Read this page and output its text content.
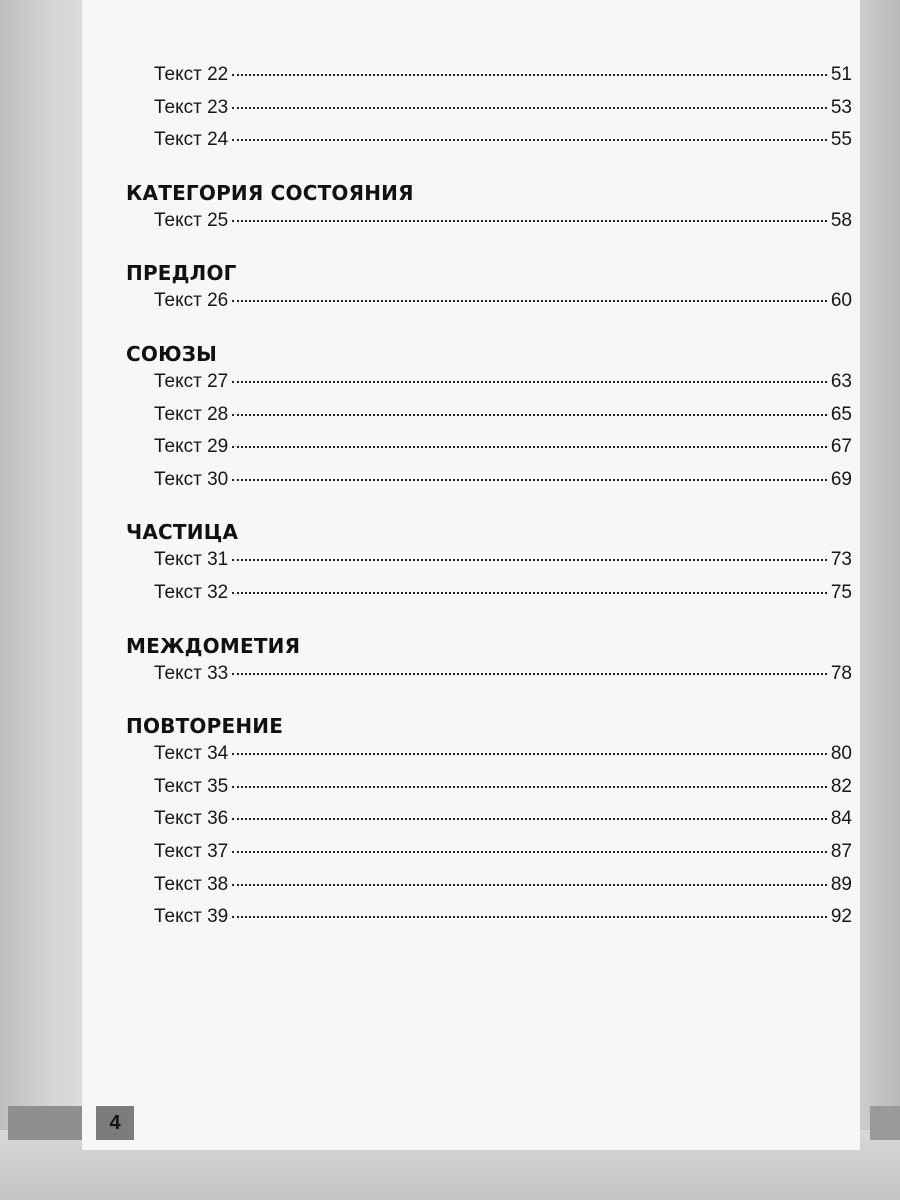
Текст 22	51
Текст 23	53
Текст 24	55
КАТЕГОРИЯ СОСТОЯНИЯ
Текст 25	58
ПРЕДЛОГ
Текст 26	60
СОЮЗЫ
Текст 27	63
Текст 28	65
Текст 29	67
Текст 30	69
ЧАСТИЦА
Текст 31	73
Текст 32	75
МЕЖДОМЕТИЯ
Текст 33	78
ПОВТОРЕНИЕ
Текст 34	80
Текст 35	82
Текст 36	84
Текст 37	87
Текст 38	89
Текст 39	92
4
